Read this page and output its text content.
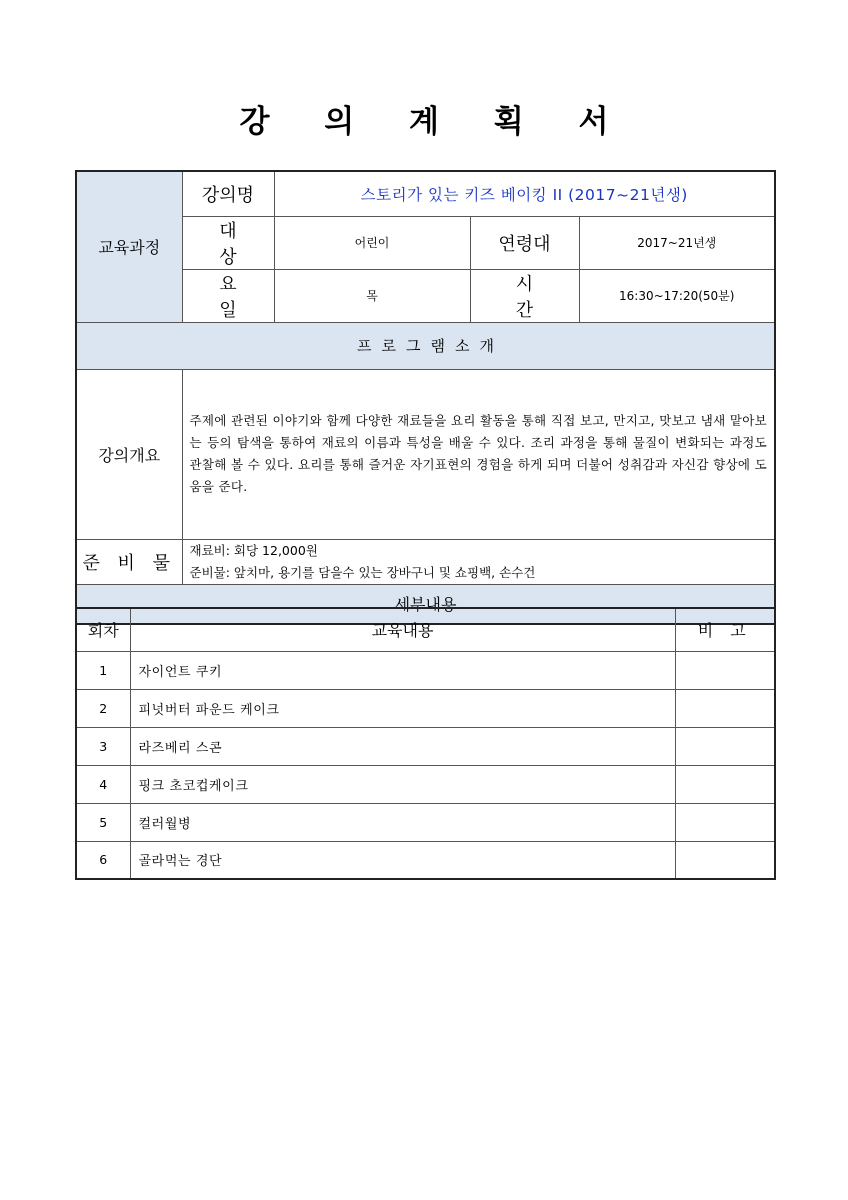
강 의 계 획 서
교육과정	강의명	스토리가 있는 키즈 베이킹 II (2017~21년생)		
	대 상	어린이	연령대	2017~21년생
	요 일	목	시 간	16:30~17:20(50분)
프로그램소개				
강의개요	주제에 관련된 이야기와 함께 다양한 재료들을 요리 활동을 통해 직접 보고, 만지고, 맛보고 냄새 맡아보는 등의 탐색을 통하여 재료의 이름과 특성을 배울 수 있다. 조리 과정을 통해 물질이 변화되는 과정도 관찰해 볼 수 있다. 요리를 통해 즐거운 자기표현의 경험을 하게 되며 더불어 성취감과 자신감 향상에 도움을 준다.			
준 비 물	재료비: 회당 12,000원
준비물: 앞치마, 용기를 담을수 있는 장바구니 및 쇼핑백, 손수건			

세부내용				
회차	교육내용	비 고
1	자이언트 쿠키	
2	피넛버터 파운드 케이크	
3	라즈베리 스콘	
4	핑크 초코컵케이크	
5	컬러월병	
6	골라먹는 경단	
